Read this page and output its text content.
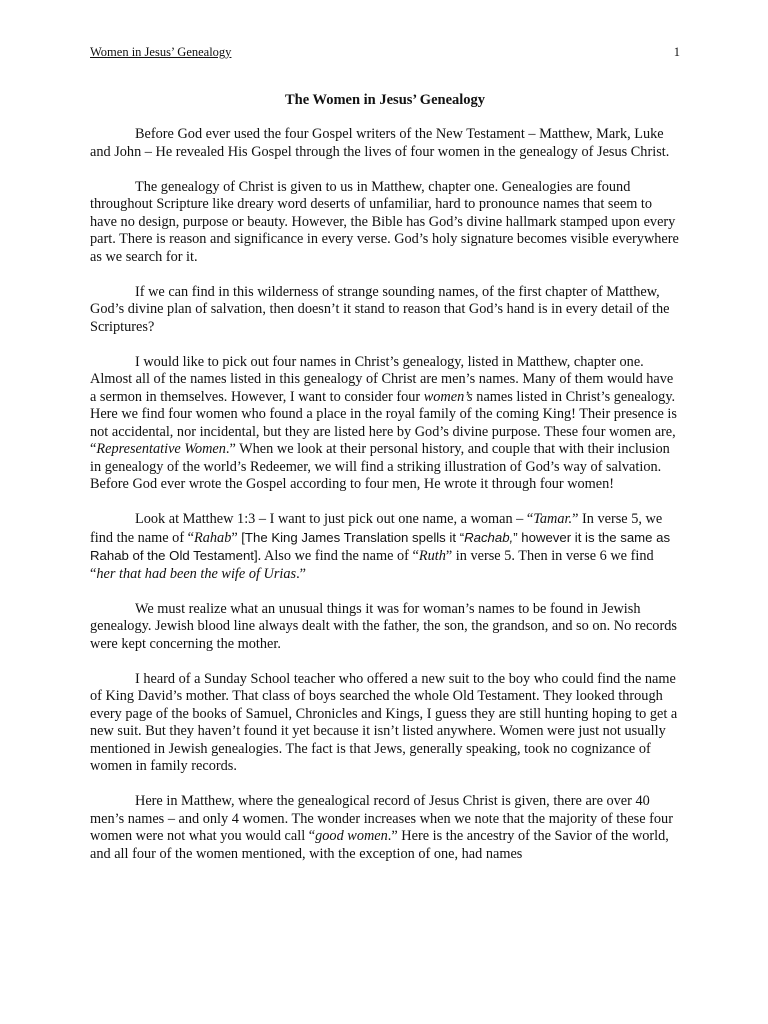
Women in Jesus’ Genealogy	1
The Women in Jesus’ Genealogy

Before God ever used the four Gospel writers of the New Testament – Matthew, Mark, Luke and John – He revealed His Gospel through the lives of four women in the genealogy of Jesus Christ.

The genealogy of Christ is given to us in Matthew, chapter one. Genealogies are found throughout Scripture like dreary word deserts of unfamiliar, hard to pronounce names that seem to have no design, purpose or beauty. However, the Bible has God’s divine hallmark stamped upon every part. There is reason and significance in every verse. God’s holy signature becomes visible everywhere as we search for it.

If we can find in this wilderness of strange sounding names, of the first chapter of Matthew, God’s divine plan of salvation, then doesn’t it stand to reason that God’s hand is in every detail of the Scriptures?

I would like to pick out four names in Christ’s genealogy, listed in Matthew, chapter one. Almost all of the names listed in this genealogy of Christ are men’s names. Many of them would have a sermon in themselves. However, I want to consider four women’s names listed in Christ’s genealogy. Here we find four women who found a place in the royal family of the coming King! Their presence is not accidental, nor incidental, but they are listed here by God’s divine purpose. These four women are, “Representative Women.” When we look at their personal history, and couple that with their inclusion in genealogy of the world’s Redeemer, we will find a striking illustration of God’s way of salvation. Before God ever wrote the Gospel according to four men, He wrote it through four women!

Look at Matthew 1:3 – I want to just pick out one name, a woman – “Tamar.” In verse 5, we find the name of “Rahab” [The King James Translation spells it “Rachab,” however it is the same as Rahab of the Old Testament]. Also we find the name of “Ruth” in verse 5. Then in verse 6 we find “her that had been the wife of Urias.”

We must realize what an unusual things it was for woman’s names to be found in Jewish genealogy. Jewish blood line always dealt with the father, the son, the grandson, and so on. No records were kept concerning the mother.

I heard of a Sunday School teacher who offered a new suit to the boy who could find the name of King David’s mother. That class of boys searched the whole Old Testament. They looked through every page of the books of Samuel, Chronicles and Kings, I guess they are still hunting hoping to get a new suit. But they haven’t found it yet because it isn’t listed anywhere. Women were just not usually mentioned in Jewish genealogies. The fact is that Jews, generally speaking, took no cognizance of women in family records.

Here in Matthew, where the genealogical record of Jesus Christ is given, there are over 40 men’s names – and only 4 women. The wonder increases when we note that the majority of these four women were not what you would call “good women.” Here is the ancestry of the Savior of the world, and all four of the women mentioned, with the exception of one, had names
